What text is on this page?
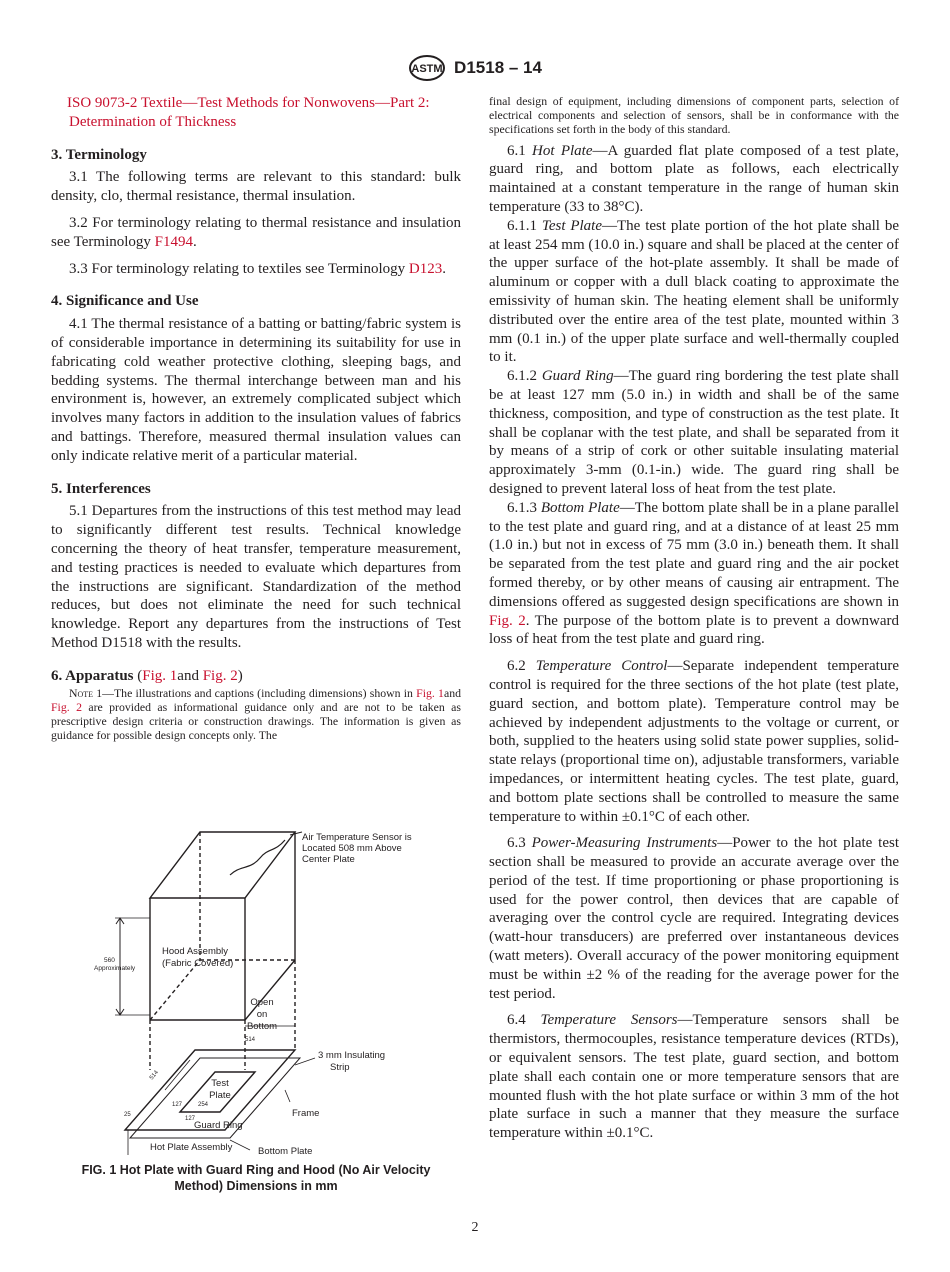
ASTM D1518 – 14

ISO 9073-2 Textile—Test Methods for Nonwovens—Part 2:
Determination of Thickness

3. Terminology

3.1 The following terms are relevant to this standard: bulk density, clo, thermal resistance, thermal insulation.

3.2 For terminology relating to thermal resistance and insulation see Terminology F1494.

3.3 For terminology relating to textiles see Terminology D123.

4. Significance and Use

4.1 The thermal resistance of a batting or batting/fabric system is of considerable importance in determining its suitability for use in fabricating cold weather protective clothing, sleeping bags, and bedding systems. The thermal interchange between man and his environment is, however, an extremely complicated subject which involves many factors in addition to the insulation values of fabrics and battings. Therefore, measured thermal insulation values can only indicate relative merit of a particular material.

5. Interferences

5.1 Departures from the instructions of this test method may lead to significantly different test results. Technical knowledge concerning the theory of heat transfer, temperature measurement, and testing practices is needed to evaluate which departures from the instructions are significant. Standardization of the method reduces, but does not eliminate the need for such technical knowledge. Report any departures from the instructions of Test Method D1518 with the results.

6. Apparatus (Fig. 1and Fig. 2)

Note 1—The illustrations and captions (including dimensions) shown in Fig. 1and Fig. 2 are provided as informational guidance only and are not to be taken as prescriptive design criteria or construction drawings. The information is given as guidance for possible design concepts only. The

Air Temperature Sensor is
Located 508 mm Above
Center Plate
Hood Assembly
(Fabric Covered)
560
Approximately
Open
on
Bottom
514
514
3 mm Insulating
Strip
Test
Plate
127	254
127	Frame
Guard Ring
25
Hot Plate Assembly	Bottom Plate
FIG. 1 Hot Plate with Guard Ring and Hood (No Air Velocity
Method) Dimensions in mm

final design of equipment, including dimensions of component parts, selection of electrical components and selection of sensors, shall be in conformance with the specifications set forth in the body of this standard.

6.1 Hot Plate—A guarded flat plate composed of a test plate, guard ring, and bottom plate as follows, each electrically maintained at a constant temperature in the range of human skin temperature (33 to 38°C).

6.1.1 Test Plate—The test plate portion of the hot plate shall be at least 254 mm (10.0 in.) square and shall be placed at the center of the upper surface of the hot-plate assembly. It shall be made of aluminum or copper with a dull black coating to approximate the emissivity of human skin. The heating element shall be uniformly distributed over the entire area of the test plate, mounted within 3 mm (0.1 in.) of the upper plate surface and well-thermally coupled to it.

6.1.2 Guard Ring—The guard ring bordering the test plate shall be at least 127 mm (5.0 in.) in width and shall be of the same thickness, composition, and type of construction as the test plate. It shall be coplanar with the test plate, and shall be separated from it by means of a strip of cork or other suitable insulating material approximately 3-mm (0.1-in.) wide. The guard ring shall be designed to prevent lateral loss of heat from the test plate.

6.1.3 Bottom Plate—The bottom plate shall be in a plane parallel to the test plate and guard ring, and at a distance of at least 25 mm (1.0 in.) but not in excess of 75 mm (3.0 in.) beneath them. It shall be separated from the test plate and guard ring and the air pocket formed thereby, or by other means of causing air entrapment. The dimensions offered as suggested design specifications are shown in Fig. 2. The purpose of the bottom plate is to prevent a downward loss of heat from the test plate and guard ring.

6.2 Temperature Control—Separate independent temperature control is required for the three sections of the hot plate (test plate, guard section, and bottom plate). Temperature control may be achieved by independent adjustments to the voltage or current, or both, supplied to the heaters using solid state power supplies, solid-state relays (proportional time on), adjustable transformers, variable impedances, or intermittent heating cycles. The test plate, guard, and bottom plate sections shall be controlled to measure the same temperature to within ±0.1°C of each other.

6.3 Power-Measuring Instruments—Power to the hot plate test section shall be measured to provide an accurate average over the period of the test. If time proportioning or phase proportioning is used for the power control, then devices that are capable of averaging over the control cycle are required. Integrating devices (watt-hour transducers) are preferred over instantaneous devices (watt meters). Overall accuracy of the power monitoring equipment must be within ±2 % of the reading for the average power for the test period.

6.4 Temperature Sensors—Temperature sensors shall be thermistors, thermocouples, resistance temperature devices (RTDs), or equivalent sensors. The test plate, guard section, and bottom plate shall each contain one or more temperature sensors that are mounted flush with the hot plate surface or within 3 mm of the hot plate surface in such a manner that they measure the surface temperature within ±0.1°C.

2
